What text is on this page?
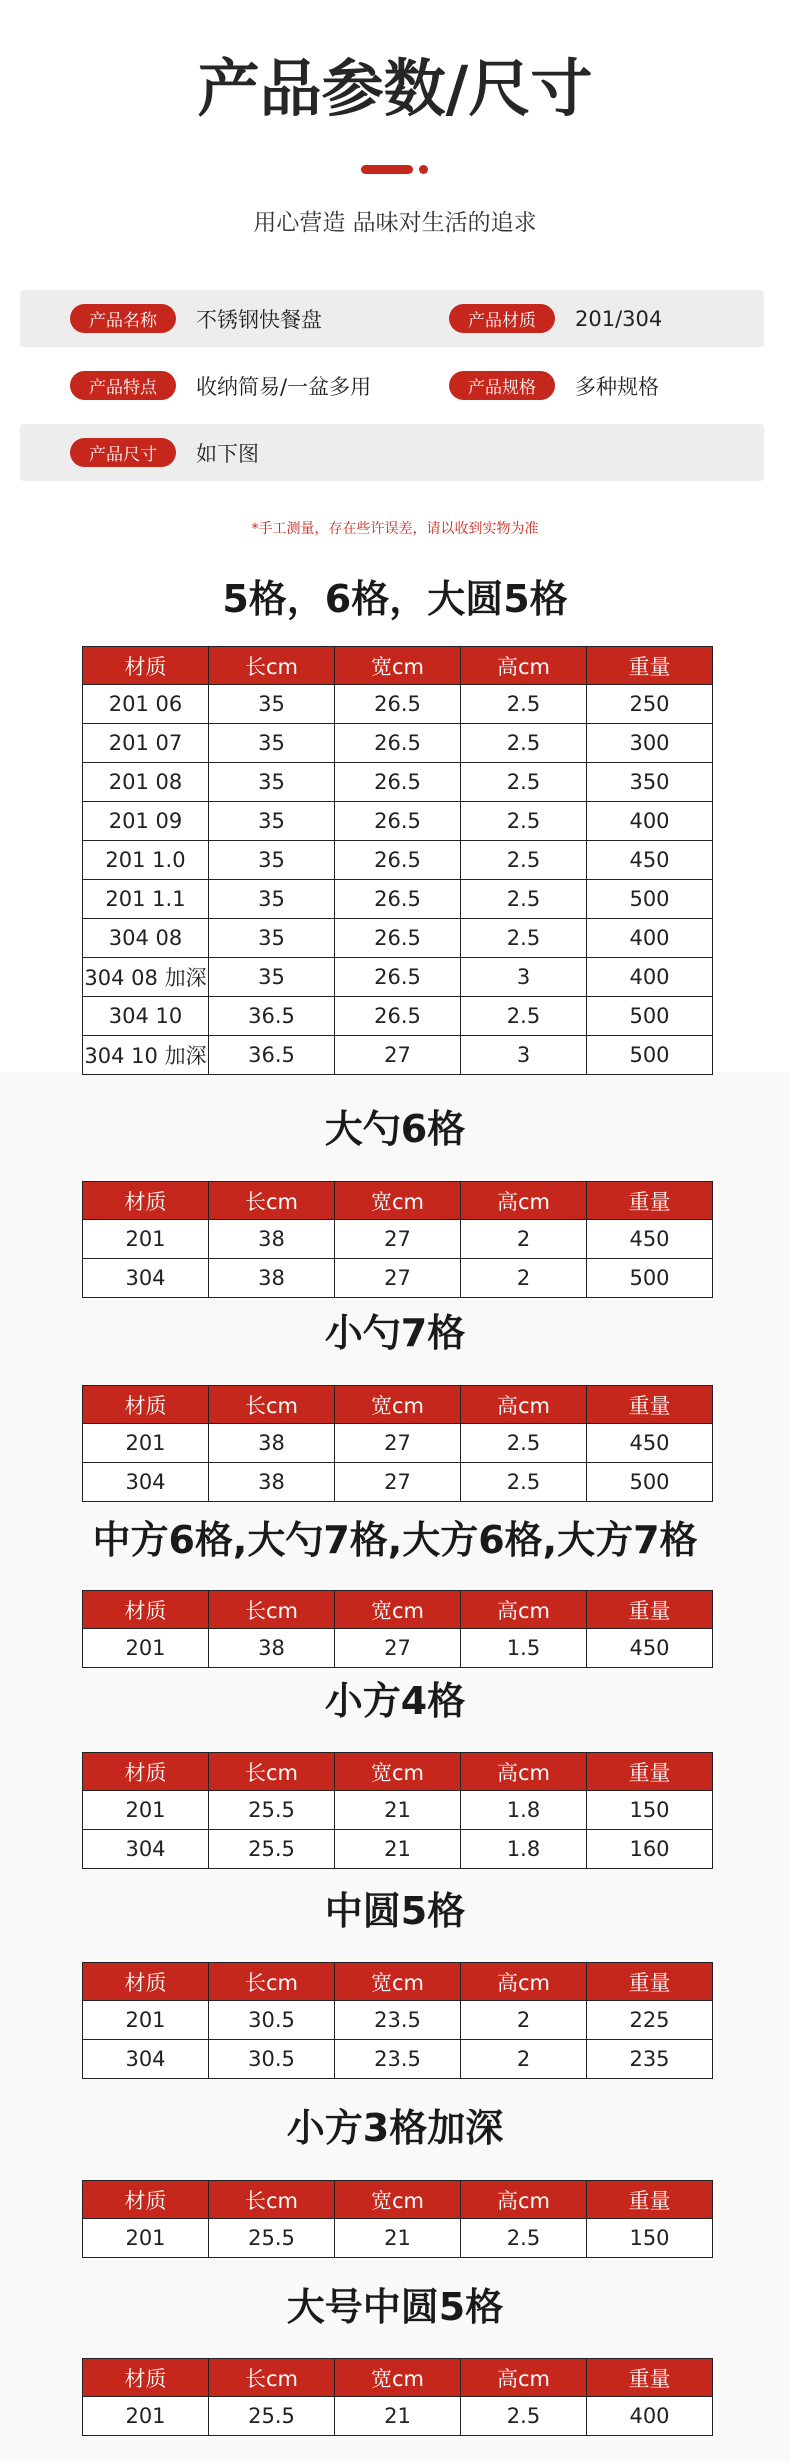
产品参数/尺寸
用心营造 品味对生活的追求
产品名称	不锈钢快餐盘	产品材质	201/304
产品特点	收纳简易/一盆多用	产品规格	多种规格
产品尺寸	如下图
*手工测量，存在些许误差，请以收到实物为准
5格，6格，大圆5格
材质	长cm	宽cm	高cm	重量
201 06	35	26.5	2.5	250
201 07	35	26.5	2.5	300
201 08	35	26.5	2.5	350
201 09	35	26.5	2.5	400
201 1.0	35	26.5	2.5	450
201 1.1	35	26.5	2.5	500
304 08	35	26.5	2.5	400
304 08 加深	35	26.5	3	400
304 10	36.5	26.5	2.5	500
304 10 加深	36.5	27	3	500
大勺6格
材质	长cm	宽cm	高cm	重量
201	38	27	2	450
304	38	27	2	500
小勺7格
材质	长cm	宽cm	高cm	重量
201	38	27	2.5	450
304	38	27	2.5	500
中方6格,大勺7格,大方6格,大方7格
材质	长cm	宽cm	高cm	重量
201	38	27	1.5	450
小方4格
材质	长cm	宽cm	高cm	重量
201	25.5	21	1.8	150
304	25.5	21	1.8	160
中圆5格
材质	长cm	宽cm	高cm	重量
201	30.5	23.5	2	225
304	30.5	23.5	2	235
小方3格加深
材质	长cm	宽cm	高cm	重量
201	25.5	21	2.5	150
大号中圆5格
材质	长cm	宽cm	高cm	重量
201	25.5	21	2.5	400
